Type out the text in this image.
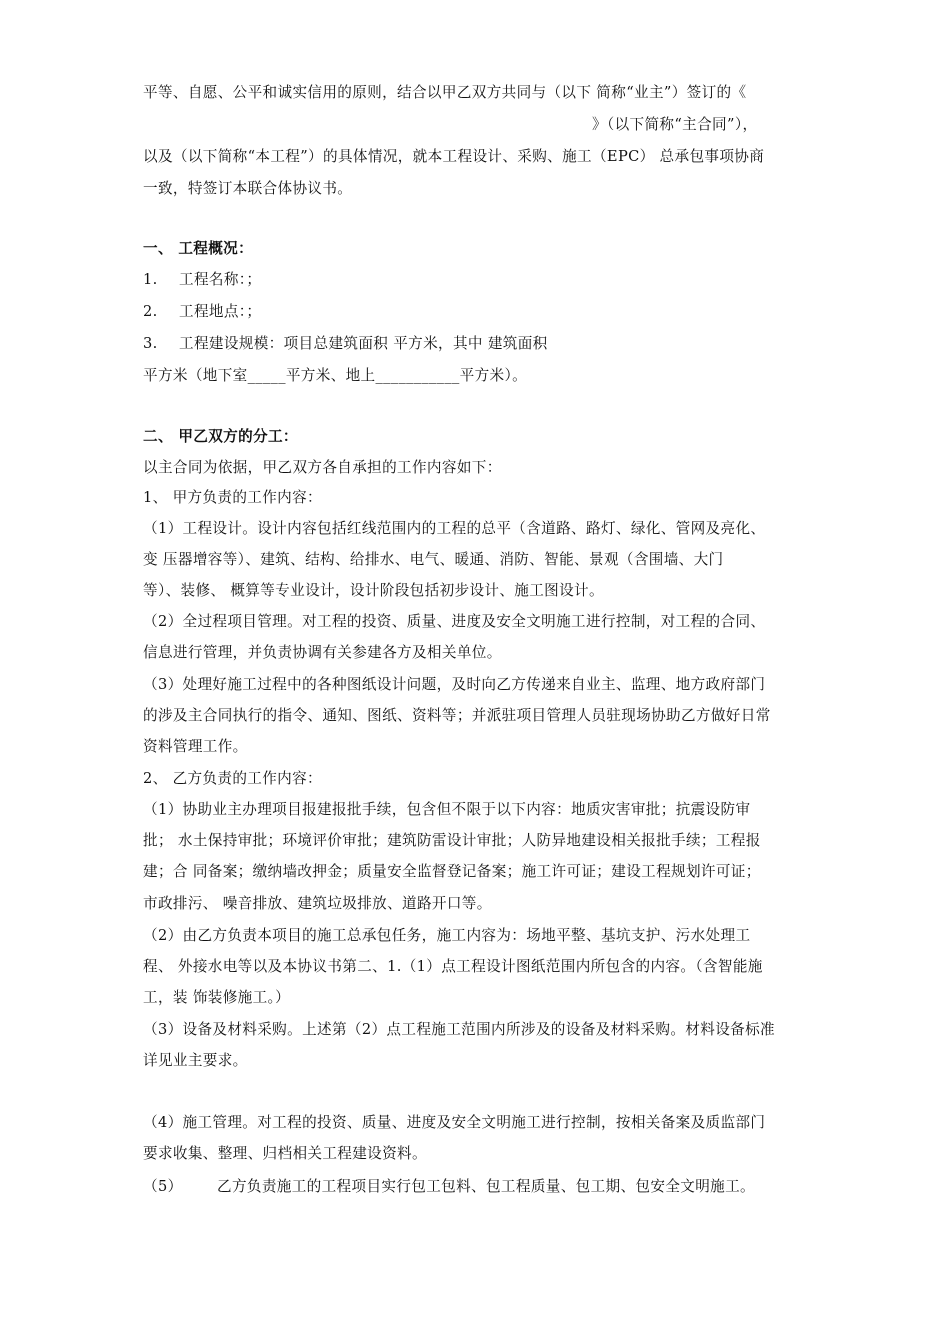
平等、自愿、公平和诚实信用的原则，结合以甲乙双方共同与（以下 简称“业主”）签订的《
》（以下简称“主合同”），
以及（以下简称“本工程”）的具体情况，就本工程设计、采购、施工（EPC） 总承包事项协商
一致，特签订本联合体协议书。
一、 工程概况：
1. 工程名称：；
2. 工程地点：；
3. 工程建设规模：项目总建筑面积 平方米，其中 建筑面积
平方米（地下室_____平方米、地上___________平方米）。
二、 甲乙双方的分工：
以主合同为依据，甲乙双方各自承担的工作内容如下：
1、 甲方负责的工作内容：
（1）工程设计。设计内容包括红线范围内的工程的总平（含道路、路灯、绿化、管网及亮化、
变 压器增容等）、建筑、结构、给排水、电气、暖通、消防、智能、景观（含围墙、大门
等）、装修、 概算等专业设计，设计阶段包括初步设计、施工图设计。
（2）全过程项目管理。对工程的投资、质量、进度及安全文明施工进行控制，对工程的合同、
信息进行管理，并负责协调有关参建各方及相关单位。
（3）处理好施工过程中的各种图纸设计问题，及时向乙方传递来自业主、监理、地方政府部门
的涉及主合同执行的指令、通知、图纸、资料等；并派驻项目管理人员驻现场协助乙方做好日常
资料管理工作。
2、 乙方负责的工作内容：
（1）协助业主办理项目报建报批手续，包含但不限于以下内容：地质灾害审批；抗震设防审
批； 水土保持审批；环境评价审批；建筑防雷设计审批；人防异地建设相关报批手续；工程报
建；合 同备案；缴纳墙改押金；质量安全监督登记备案；施工许可证；建设工程规划许可证；
市政排污、 噪音排放、建筑垃圾排放、道路开口等。
（2）由乙方负责本项目的施工总承包任务，施工内容为：场地平整、基坑支护、污水处理工
程、 外接水电等以及本协议书第二、1.（1）点工程设计图纸范围内所包含的内容。（含智能施
工，装 饰装修施工。）
（3）设备及材料采购。上述第（2）点工程施工范围内所涉及的设备及材料采购。材料设备标准
详见业主要求。
（4）施工管理。对工程的投资、质量、进度及安全文明施工进行控制，按相关备案及质监部门
要求收集、整理、归档相关工程建设资料。
（5） 乙方负责施工的工程项目实行包工包料、包工程质量、包工期、包安全文明施工。
